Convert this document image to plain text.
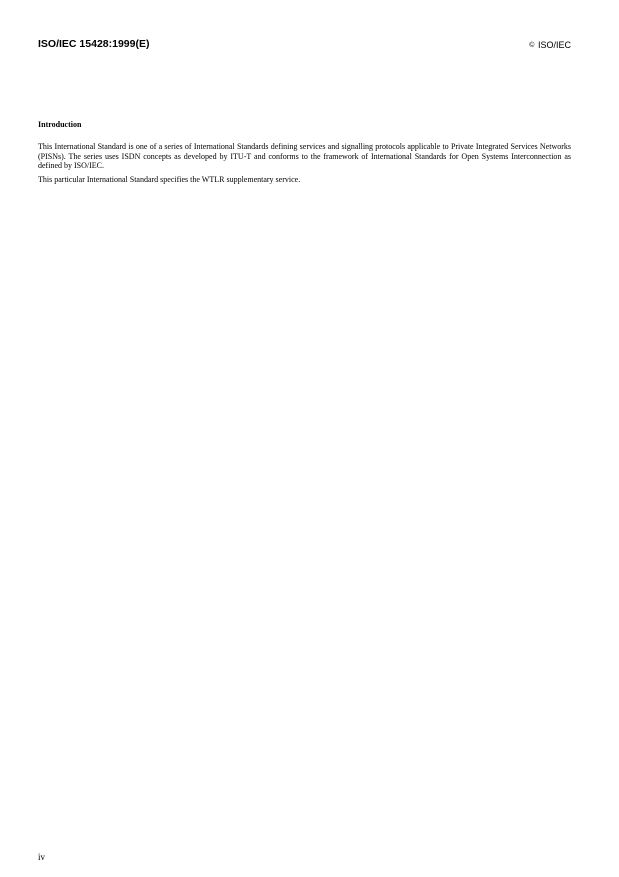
ISO/IEC 15428:1999(E)	© ISO/IEC
Introduction

This International Standard is one of a series of International Standards defining services and signalling protocols applicable to Private Integrated Services Networks (PISNs). The series uses ISDN concepts as developed by ITU-T and conforms to the framework of International Standards for Open Systems Interconnection as defined by ISO/IEC.

This particular International Standard specifies the WTLR supplementary service.

iv
